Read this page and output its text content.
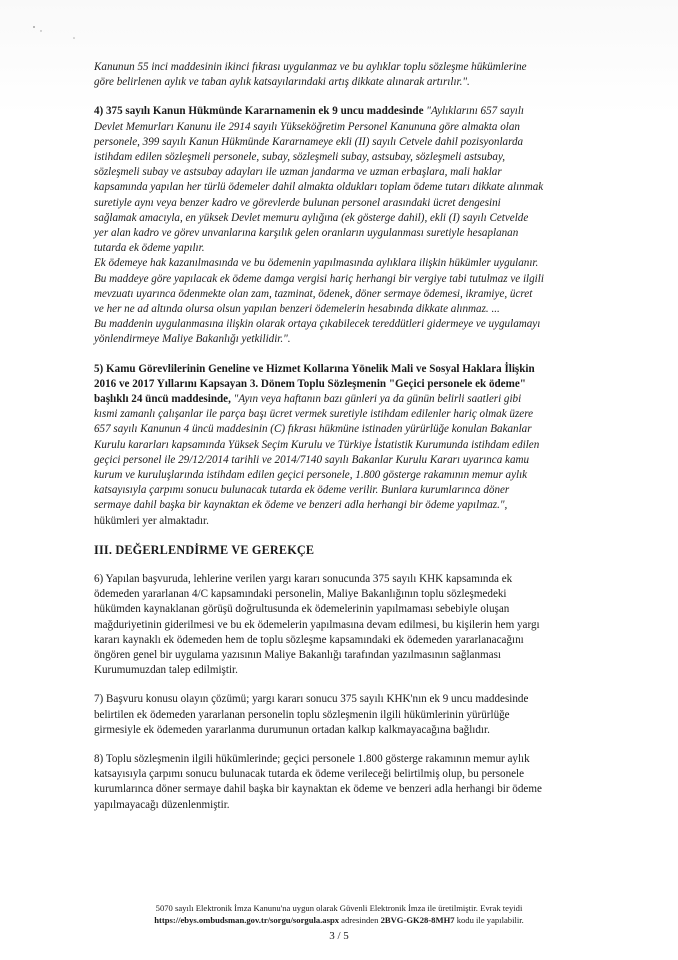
Kanunun 55 inci maddesinin ikinci fıkrası uygulanmaz ve bu aylıklar toplu sözleşme hükümlerine
göre belirlenen aylık ve taban aylık katsayılarındaki artış dikkate alınarak artırılır.".
4) 375 sayılı Kanun Hükmünde Kararnamenin ek 9 uncu maddesinde "Aylıklarını 657 sayılı
Devlet Memurları Kanunu ile 2914 sayılı Yükseköğretim Personel Kanununa göre almakta olan
personele, 399 sayılı Kanun Hükmünde Kararnameye ekli (II) sayılı Cetvele dahil pozisyonlarda
istihdam edilen sözleşmeli personele, subay, sözleşmeli subay, astsubay, sözleşmeli astsubay,
sözleşmeli subay ve astsubay adayları ile uzman jandarma ve uzman erbaşlara, mali haklar
kapsamında yapılan her türlü ödemeler dahil almakta oldukları toplam ödeme tutarı dikkate alınmak
suretiyle aynı veya benzer kadro ve görevlerde bulunan personel arasındaki ücret dengesini
sağlamak amacıyla, en yüksek Devlet memuru aylığına (ek gösterge dahil), ekli (I) sayılı Cetvelde
yer alan kadro ve görev unvanlarına karşılık gelen oranların uygulanması suretiyle hesaplanan
tutarda ek ödeme yapılır.
Ek ödemeye hak kazanılmasında ve bu ödemenin yapılmasında aylıklara ilişkin hükümler uygulanır.
Bu maddeye göre yapılacak ek ödeme damga vergisi hariç herhangi bir vergiye tabi tutulmaz ve ilgili
mevzuatı uyarınca ödenmekte olan zam, tazminat, ödenek, döner sermaye ödemesi, ikramiye, ücret
ve her ne ad altında olursa olsun yapılan benzeri ödemelerin hesabında dikkate alınmaz. ...
Bu maddenin uygulanmasına ilişkin olarak ortaya çıkabilecek tereddütleri gidermeye ve uygulamayı
yönlendirmeye Maliye Bakanlığı yetkilidir.".
5) Kamu Görevlilerinin Geneline ve Hizmet Kollarına Yönelik Mali ve Sosyal Haklara İlişkin
2016 ve 2017 Yıllarını Kapsayan 3. Dönem Toplu Sözleşmenin "Geçici personele ek ödeme"
başlıklı 24 üncü maddesinde, "Ayın veya haftanın bazı günleri ya da günün belirli saatleri gibi
kısmi zamanlı çalışanlar ile parça başı ücret vermek suretiyle istihdam edilenler hariç olmak üzere
657 sayılı Kanunun 4 üncü maddesinin (C) fıkrası hükmüne istinaden yürürlüğe konulan Bakanlar
Kurulu kararları kapsamında Yüksek Seçim Kurulu ve Türkiye İstatistik Kurumunda istihdam edilen
geçici personel ile 29/12/2014 tarihli ve 2014/7140 sayılı Bakanlar Kurulu Kararı uyarınca kamu
kurum ve kuruluşlarında istihdam edilen geçici personele, 1.800 gösterge rakamının memur aylık
katsayısıyla çarpımı sonucu bulunacak tutarda ek ödeme verilir. Bunlara kurumlarınca döner
sermaye dahil başka bir kaynaktan ek ödeme ve benzeri adla herhangi bir ödeme yapılmaz.",
hükümleri yer almaktadır.
III. DEĞERLENDİRME VE GEREKÇE
6) Yapılan başvuruda, lehlerine verilen yargı kararı sonucunda 375 sayılı KHK kapsamında ek
ödemeden yararlanan 4/C kapsamındaki personelin, Maliye Bakanlığının toplu sözleşmedeki
hükümden kaynaklanan görüşü doğrultusunda ek ödemelerinin yapılmaması sebebiyle oluşan
mağduriyetinin giderilmesi ve bu ek ödemelerin yapılmasına devam edilmesi, bu kişilerin hem yargı
kararı kaynaklı ek ödemeden hem de toplu sözleşme kapsamındaki ek ödemeden yararlanacağını
öngören genel bir uygulama yazısının Maliye Bakanlığı tarafından yazılmasının sağlanması
Kurumumuzdan talep edilmiştir.
7) Başvuru konusu olayın çözümü; yargı kararı sonucu 375 sayılı KHK'nın ek 9 uncu maddesinde
belirtilen ek ödemeden yararlanan personelin toplu sözleşmenin ilgili hükümlerinin yürürlüğe
girmesiyle ek ödemeden yararlanma durumunun ortadan kalkıp kalkmayacağına bağlıdır.
8) Toplu sözleşmenin ilgili hükümlerinde; geçici personele 1.800 gösterge rakamının memur aylık
katsayısıyla çarpımı sonucu bulunacak tutarda ek ödeme verileceği belirtilmiş olup, bu personele
kurumlarınca döner sermaye dahil başka bir kaynaktan ek ödeme ve benzeri adla herhangi bir ödeme
yapılmayacağı düzenlenmiştir.
5070 sayılı Elektronik İmza Kanunu'na uygun olarak Güvenli Elektronik İmza ile üretilmiştir. Evrak teyidi
https://ebys.ombudsman.gov.tr/sorgu/sorgula.aspx adresinden 2BVG-GK28-8MH7 kodu ile yapılabilir.
3 / 5
